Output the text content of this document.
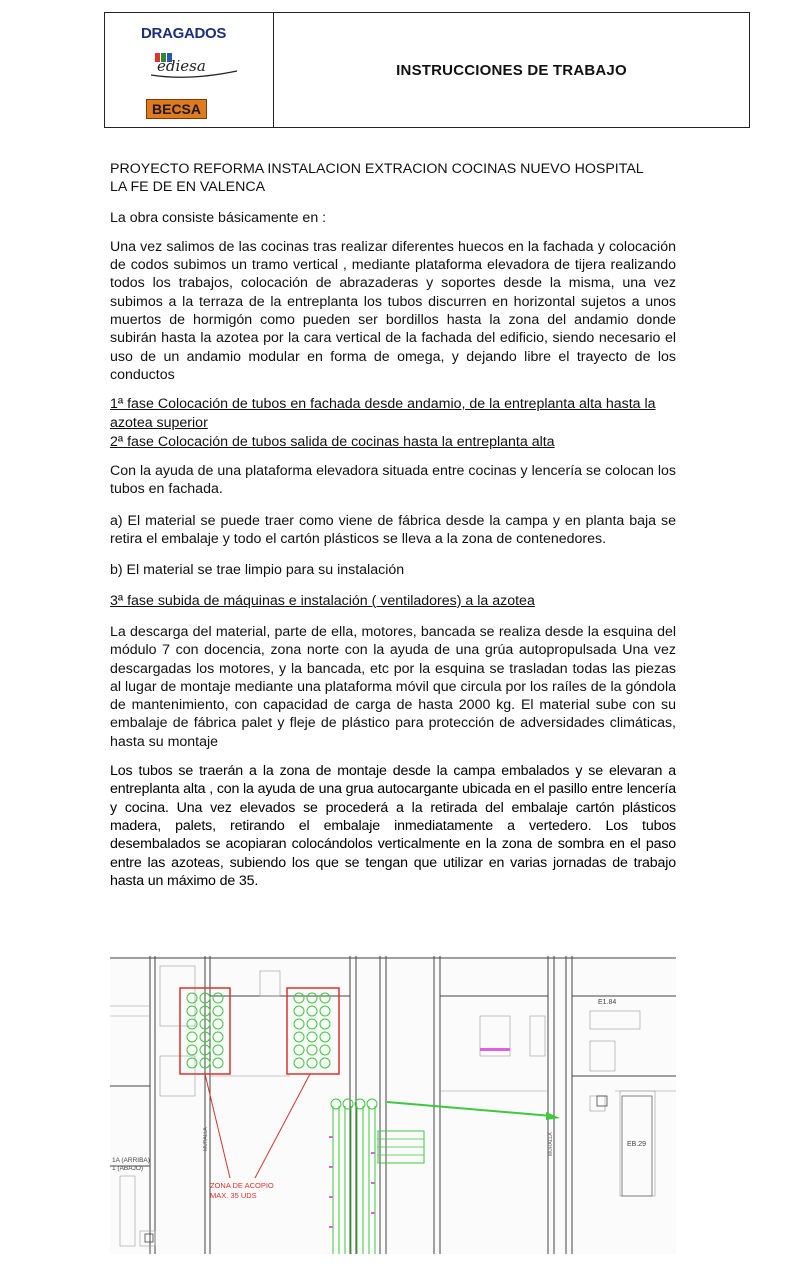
DRAGADOS
ediesa
BECSA
INSTRUCCIONES DE TRABAJO

PROYECTO REFORMA INSTALACION EXTRACION COCINAS NUEVO HOSPITAL
LA FE DE EN VALENCA

La obra consiste básicamente en :

Una vez salimos de las cocinas tras realizar diferentes huecos en la fachada y colocación de codos subimos un tramo vertical , mediante plataforma elevadora de tijera realizando todos los trabajos, colocación de abrazaderas y soportes desde la misma, una vez subimos a la terraza de la entreplanta los tubos discurren en horizontal sujetos a unos muertos de hormigón como pueden ser bordillos hasta la zona del andamio donde subirán hasta la azotea por la cara vertical de la fachada del edificio, siendo necesario el uso de un andamio modular en forma de omega, y dejando libre el trayecto de los conductos

1ª fase Colocación de tubos en fachada desde andamio, de la entreplanta alta hasta la azotea superior

2ª fase Colocación de tubos salida de cocinas hasta la entreplanta alta

Con la ayuda de una plataforma elevadora situada entre cocinas y lencería se colocan los tubos en fachada.

a) El material se puede traer como viene de fábrica desde la campa y en planta baja se retira el embalaje y todo el cartón plásticos se lleva a la zona de contenedores.

b) El material se trae limpio para su instalación

3ª fase subida de máquinas e instalación ( ventiladores) a la azotea

La descarga del material, parte de ella, motores, bancada se realiza desde la esquina del módulo 7 con docencia, zona norte con la ayuda de una grúa autopropulsada Una vez descargadas los motores, y la bancada, etc por la esquina se trasladan todas las piezas al lugar de montaje mediante una plataforma móvil que circula por los raíles de la góndola de mantenimiento, con capacidad de carga de hasta 2000 kg. El material sube con su embalaje de fábrica palet y fleje de plástico para protección de adversidades climáticas, hasta su montaje

Los tubos se traerán a la zona de montaje desde la campa embalados y se elevaran a entreplanta alta , con la ayuda de una grua autocargante ubicada en el pasillo entre lencería y cocina. Una vez elevados se procederá a la retirada del embalaje cartón plásticos madera, palets, retirando el embalaje inmediatamente a vertedero. Los tubos desembalados se acopiaran colocándolos verticalmente en la zona de sombra en el paso entre las azoteas, subiendo los que se tengan que utilizar en varias jornadas de trabajo hasta un máximo de 35.

ZONA DE ACOPIO
MAX. 35 UDS
E1.84
EB.29
1A (ARRIBA)
1 (ABAJO)
MURALLA	MURALLA
